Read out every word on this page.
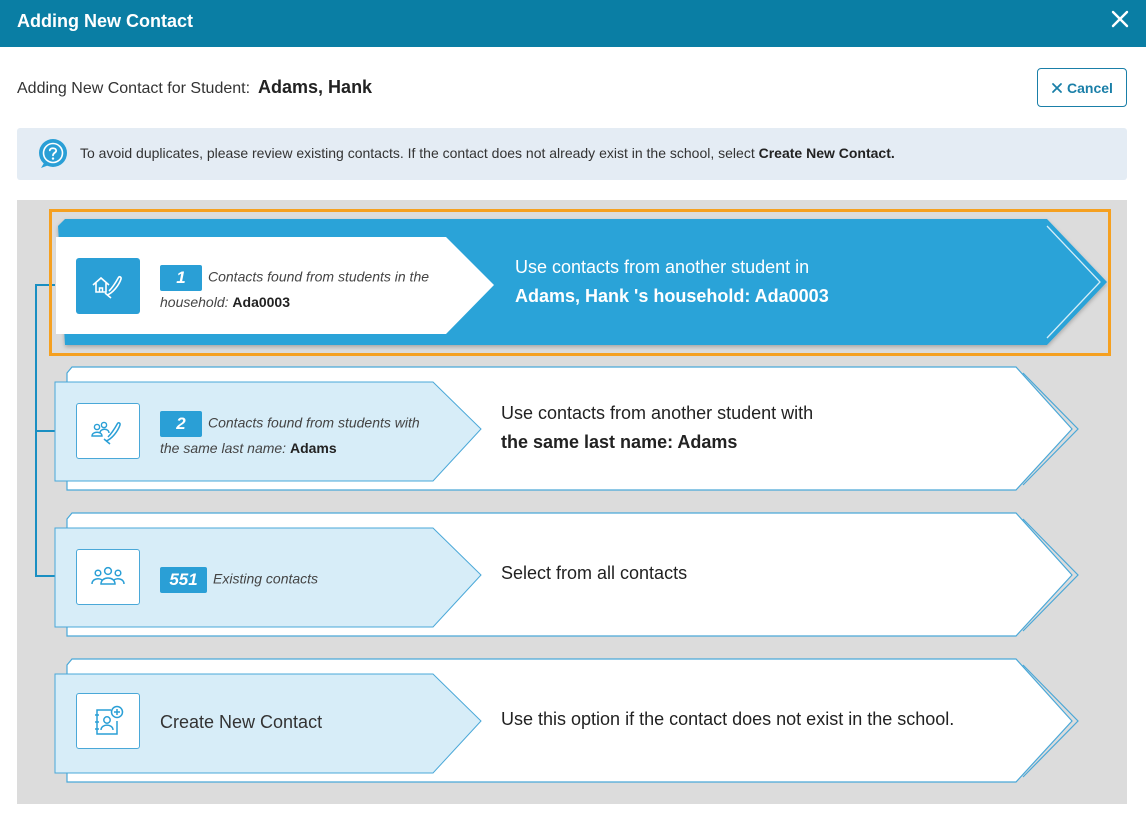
Adding New Contact
Adding New Contact for Student: Adams, Hank	Cancel
To avoid duplicates, please review existing contacts. If the contact does not already exist in the school, select Create New Contact.
1 Contacts found from students in the household: Ada0003
Use contacts from another student in
Adams, Hank 's household: Ada0003
2 Contacts found from students with the same last name: Adams
Use contacts from another student with
the same last name: Adams
551 Existing contacts	Select from all contacts
Create New Contact	Use this option if the contact does not exist in the school.
